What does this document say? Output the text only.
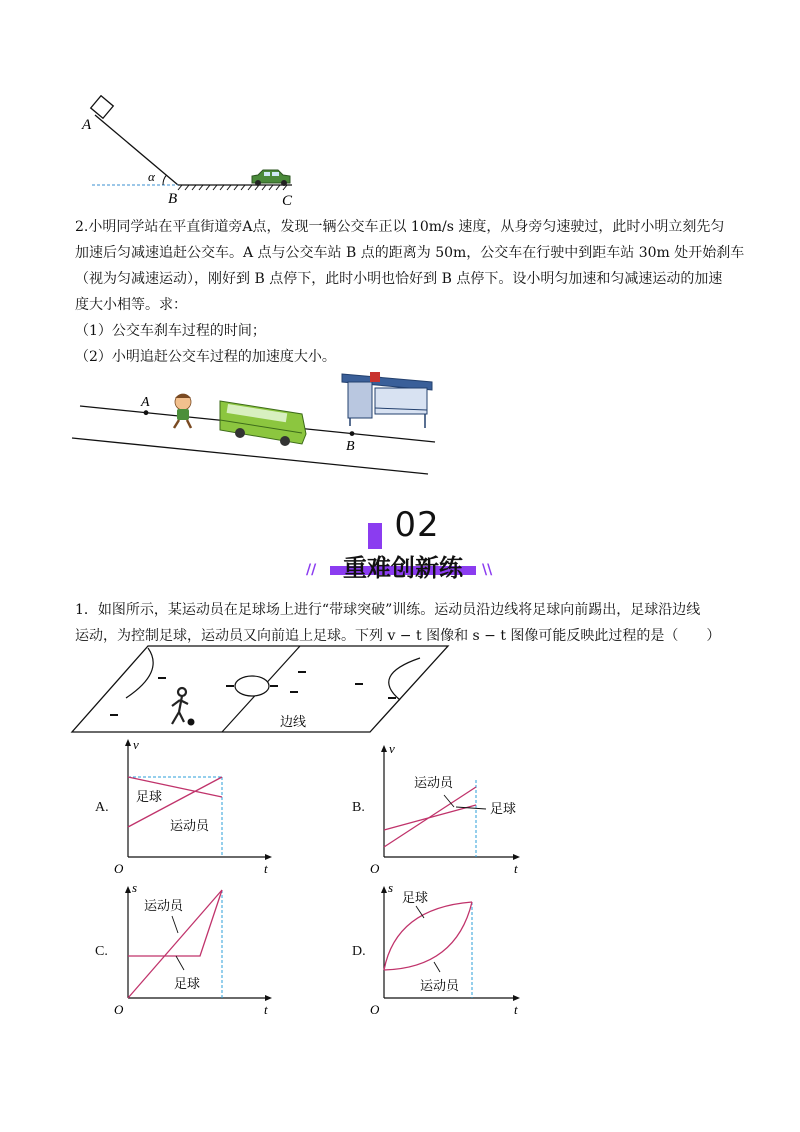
A
α
B	C
2.小明同学站在平直街道旁A点，发现一辆公交车正以 10m/s 速度，从身旁匀速驶过，此时小明立刻先匀
加速后匀减速追赶公交车。A 点与公交车站 B 点的距离为 50m，公交车在行驶中到距车站 30m 处开始刹车
（视为匀减速运动），刚好到 B 点停下，此时小明也恰好到 B 点停下。设小明匀加速和匀减速运动的加速
度大小相等。求：
（1）公交车刹车过程的时间；
（2）小明追赶公交车过程的加速度大小。
A
B
02
重难创新练
//	\\
1．如图所示，某运动员在足球场上进行“带球突破”训练。运动员沿边线将足球向前踢出，足球沿边线
运动，为控制足球，运动员又向前追上足球。下列 v − t 图像和 s − t 图像可能反映此过程的是（　　）
边线
A.
v
t
O
足球
运动员
B.
v
t
O
运动员
足球
C.
s
t
O
运动员
足球
D.
s
t
O
足球
运动员
